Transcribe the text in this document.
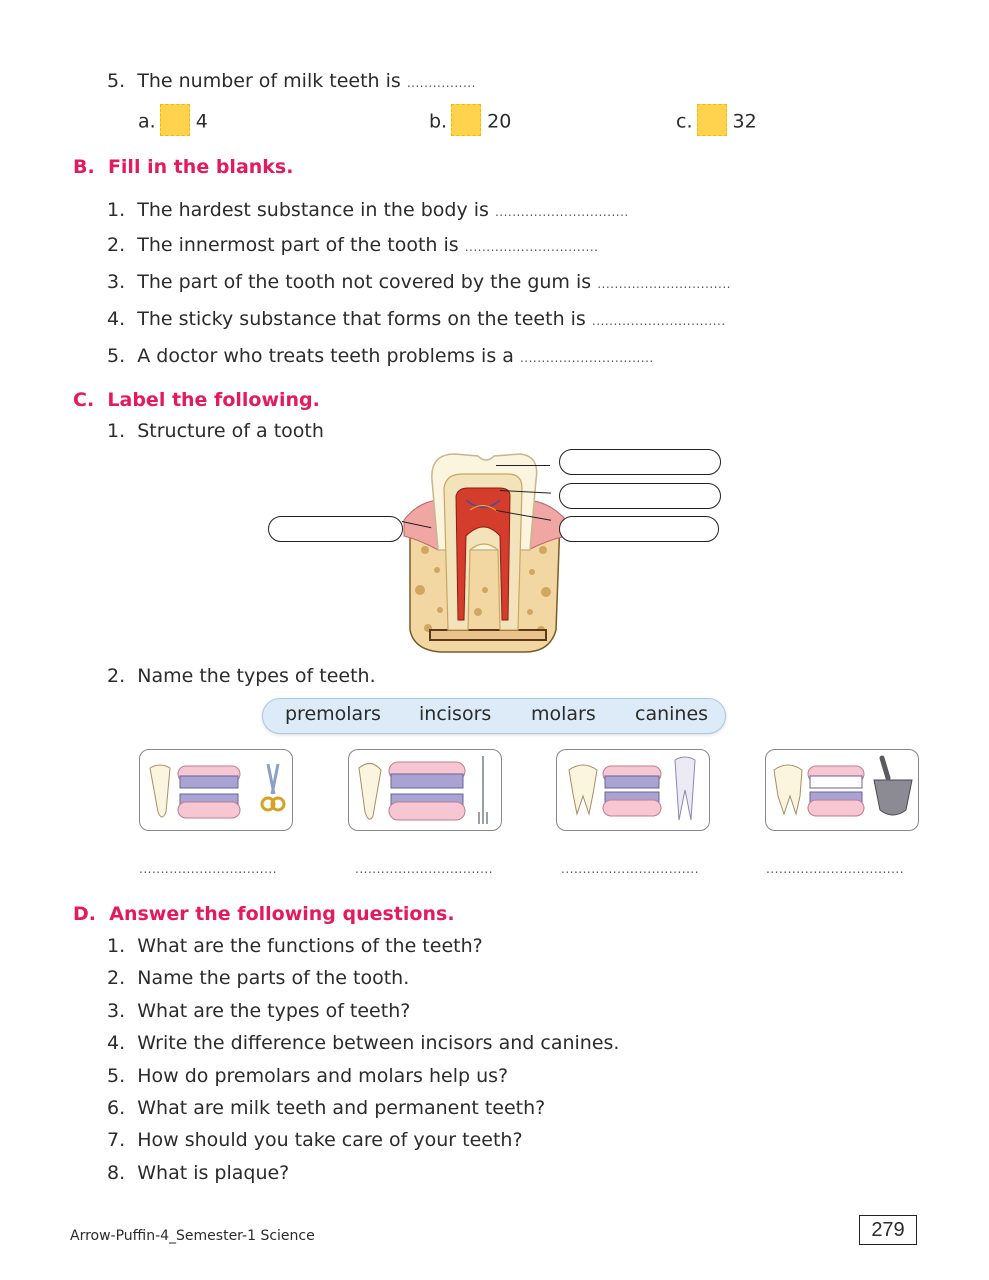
5. The number of milk teeth is ................
a. 4	b. 20	c. 32
B. Fill in the blanks.
1. The hardest substance in the body is ...............................
2. The innermost part of the tooth is ...............................
3. The part of the tooth not covered by the gum is ...............................
4. The sticky substance that forms on the teeth is ...............................
5. A doctor who treats teeth problems is a ...............................
C. Label the following.
1. Structure of a tooth
2. Name the types of teeth.
premolars incisors molars canines
................................	................................	................................	................................
D. Answer the following questions.
1. What are the functions of the teeth?
2. Name the parts of the tooth.
3. What are the types of teeth?
4. Write the difference between incisors and canines.
5. How do premolars and molars help us?
6. What are milk teeth and permanent teeth?
7. How should you take care of your teeth?
8. What is plaque?
Arrow-Puffin-4_Semester-1 Science	279
